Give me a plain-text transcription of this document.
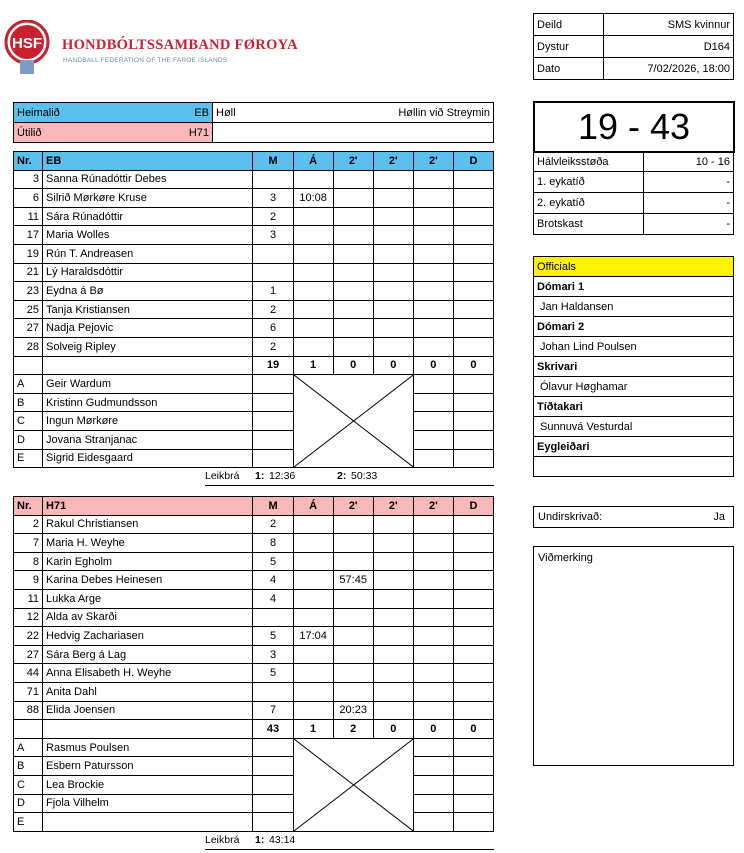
HSF HONDBÓLTSSAMBAND FØROYA
HANDBALL FEDERATION OF THE FAROE ISLANDS
Deild	SMS kvinnur
Dystur	D164
Dato	7/02/2026, 18:00
Heimalið EB	Høll	Høllin við Streymin
Útilið H71		
		19 - 43
Hálvleiksstøða	10 - 16
1. eykatíð	-
2. eykatíð	-
Brotskast	-
Officials
Dómari 1
Jan Haldansen
Dómari 2
Johan Lind Poulsen
Skrivari
Ólavur Høghamar
Tíðtakari
Sunnuvá Vesturdal
Eygleiðari

Undirskrivað:	Ja
Viðmerking
Nr.	EB	M	Á	2'	2'	2'	D
3	Sanna Rúnadóttir Debes						
6	Silrið Mørkøre Kruse	3	10:08				
11	Sára Rúnadóttir	2					
17	Maria Wolles	3					
19	Rún T. Andreasen						
21	Lý Haraldsdóttir						
23	Eydna á Bø	1					
25	Tanja Kristiansen	2					
27	Nadja Pejovic	6					
28	Solveig Ripley	2					
		19	1	0	0	0	0
A	Geir Wardum		

B	Kristinn Gudmundsson						
C	Ingun Mørkøre						
D	Jovana Stranjanac						
E	Sigrid Eidesgaard						
Leikbrá 1: 12:36	2: 50:33
Nr.	H71	M	Á	2'	2'	2'	D
2	Rakul Christiansen	2					
7	Maria H. Weyhe	8					
8	Karin Egholm	5					
9	Karina Debes Heinesen	4		57:45			
11	Lukka Arge	4					
12	Alda av Skarði						
22	Hedvig Zachariasen	5	17:04				
27	Sára Berg á Lag	3					
44	Anna Elisabeth H. Weyhe	5					
71	Anita Dahl						
88	Elida Joensen	7		20:23			
		43	1	2	0	0	0
A	Rasmus Poulsen		

B	Esbern Patursson						
C	Lea Brockie						
D	Fjola Vilhelm						
E							
Leikbrá 1: 43:14
